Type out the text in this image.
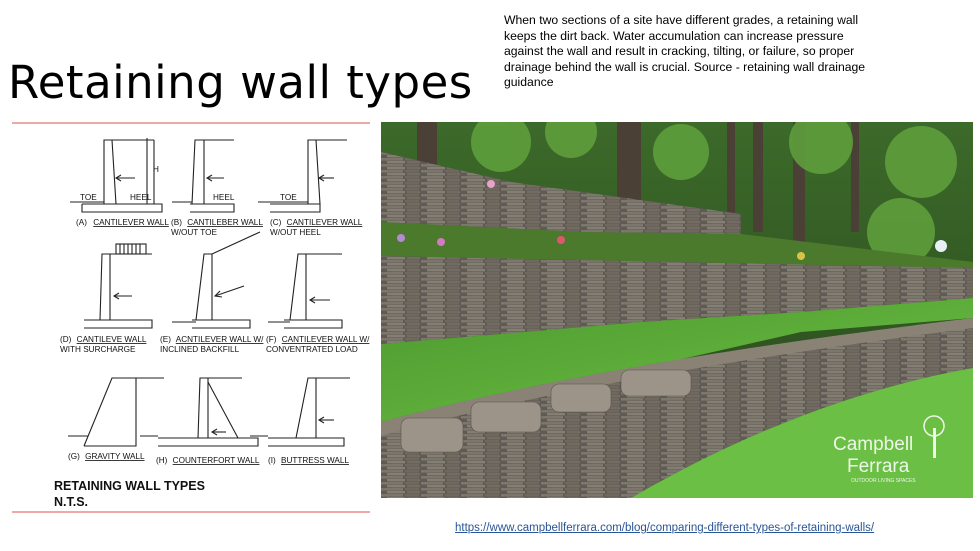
Retaining wall types
When two sections of a site have different grades, a retaining wall keeps the dirt back. Water accumulation can increase pressure against the wall and result in cracking, tilting, or failure, so proper drainage behind the wall is crucial. Source - retaining wall drainage guidance
H
TOE	HEEL	HEEL	TOE
(A) CANTILEVER WALL (B) CANTILEBER WALL
W/OUT TOE
(C) CANTILEVER WALL
W/OUT HEEL
(D) CANTILEVE WALL
WITH SURCHARGE
(E) ACNTILEVER WALL W/
INCLINED BACKFILL
(F) CANTILEVER WALL W/
CONVENTRATED LOAD
(G) GRAVITY WALL (H) COUNTERFORT WALL (I) BUTTRESS WALL
RETAINING WALL TYPES
N.T.S.
Campbell
Ferrara
OUTDOOR LIVING SPACES
https://www.campbellferrara.com/blog/comparing-different-types-of-retaining-walls/
